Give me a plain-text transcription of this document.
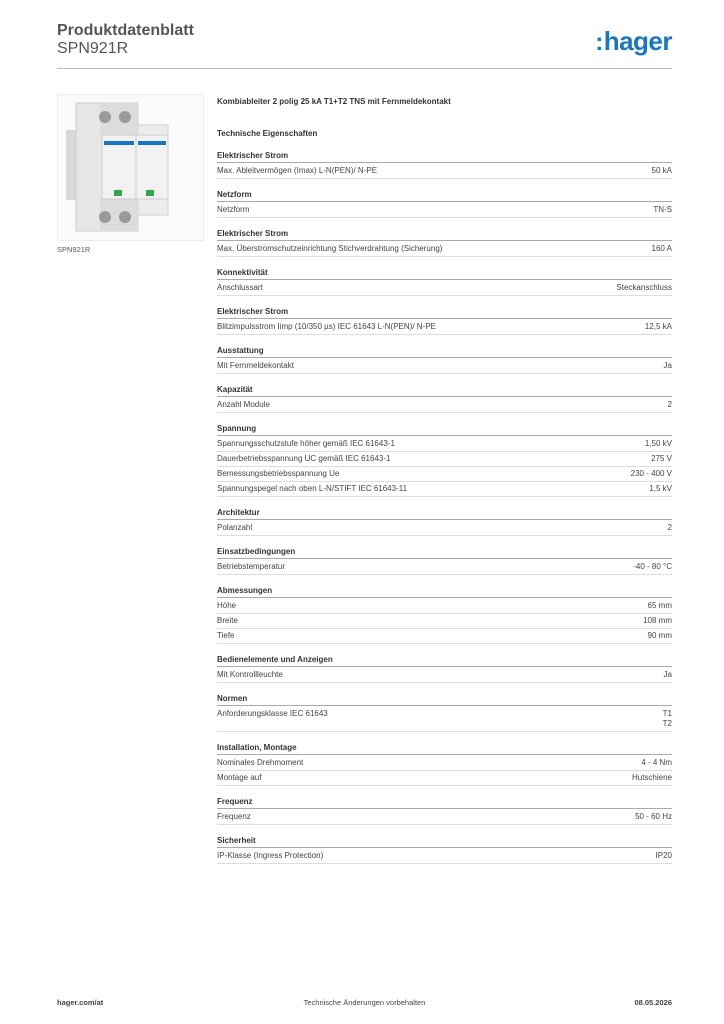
Produktdatenblatt
SPN921R	:hager
SPN921R
Kombiableiter 2 polig 25 kA T1+T2 TNS mit Fernmeldekontakt
Technische Eigenschaften
Elektrischer Strom
Max. Ableitvermögen (Imax) L-N(PEN)/ N-PE	50 kA
Netzform
Netzform	TN-S
Elektrischer Strom
Max. Überstromschutzeinrichtung Stichverdrahtung (Sicherung)	160 A
Konnektivität
Anschlussart	Steckanschluss
Elektrischer Strom
Blitzimpulsstrom Iimp (10/350 µs) IEC 61643 L-N(PEN)/ N-PE	12,5 kA
Ausstattung
Mit Fernmeldekontakt	Ja
Kapazität
Anzahl Module	2
Spannung
Spannungsschutzstufe höher gemäß IEC 61643-1	1,50 kV
Dauerbetriebsspannung UC gemäß IEC 61643-1	275 V
Bemessungsbetriebsspannung Ue	230 - 400 V
Spannungspegel nach oben L-N/STIFT IEC 61643-11	1,5 kV
Architektur
Polanzahl	2
Einsatzbedingungen
Betriebstemperatur	-40 - 80 °C
Abmessungen
Höhe	65 mm
Breite	108 mm
Tiefe	90 mm
Bedienelemente und Anzeigen
Mit Kontrollleuchte	Ja
Normen
Anforderungsklasse IEC 61643	T1
T2
Installation, Montage
Nominales Drehmoment	4 - 4 Nm
Montage auf	Hutschiene
Frequenz
Frequenz	50 - 60 Hz
Sicherheit
IP-Klasse (Ingress Protection)	IP20
hager.com/at	Technische Änderungen vorbehalten	08.05.2026
